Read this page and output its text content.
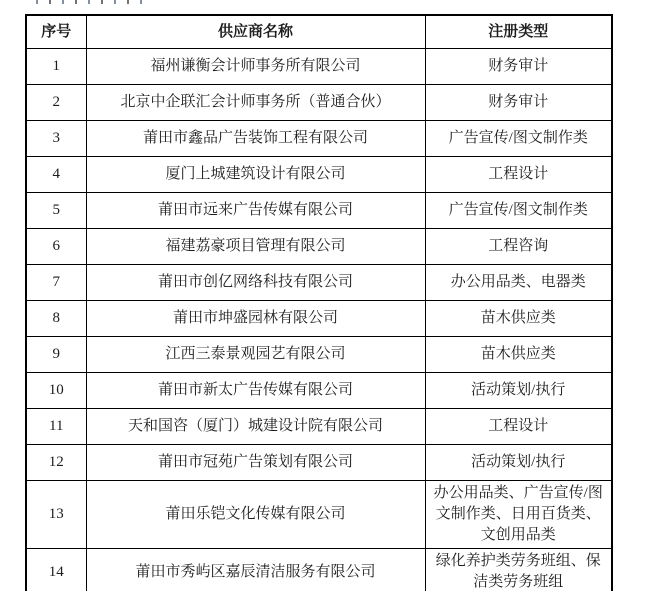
序号	供应商名称	注册类型
1	福州谦衡会计师事务所有限公司	财务审计
2	北京中企联汇会计师事务所（普通合伙）	财务审计
3	莆田市鑫品广告装饰工程有限公司	广告宣传/图文制作类
4	厦门上城建筑设计有限公司	工程设计
5	莆田市远来广告传媒有限公司	广告宣传/图文制作类
6	福建荔豪项目管理有限公司	工程咨询
7	莆田市创亿网络科技有限公司	办公用品类、电器类
8	莆田市坤盛园林有限公司	苗木供应类
9	江西三泰景观园艺有限公司	苗木供应类
10	莆田市新太广告传媒有限公司	活动策划/执行
11	天和国咨（厦门）城建设计院有限公司	工程设计
12	莆田市冠苑广告策划有限公司	活动策划/执行
13	莆田乐铠文化传媒有限公司	办公用品类、广告宣传/图文制作类、日用百货类、文创用品类
14	莆田市秀屿区嘉辰清洁服务有限公司	绿化养护类劳务班组、保洁类劳务班组
